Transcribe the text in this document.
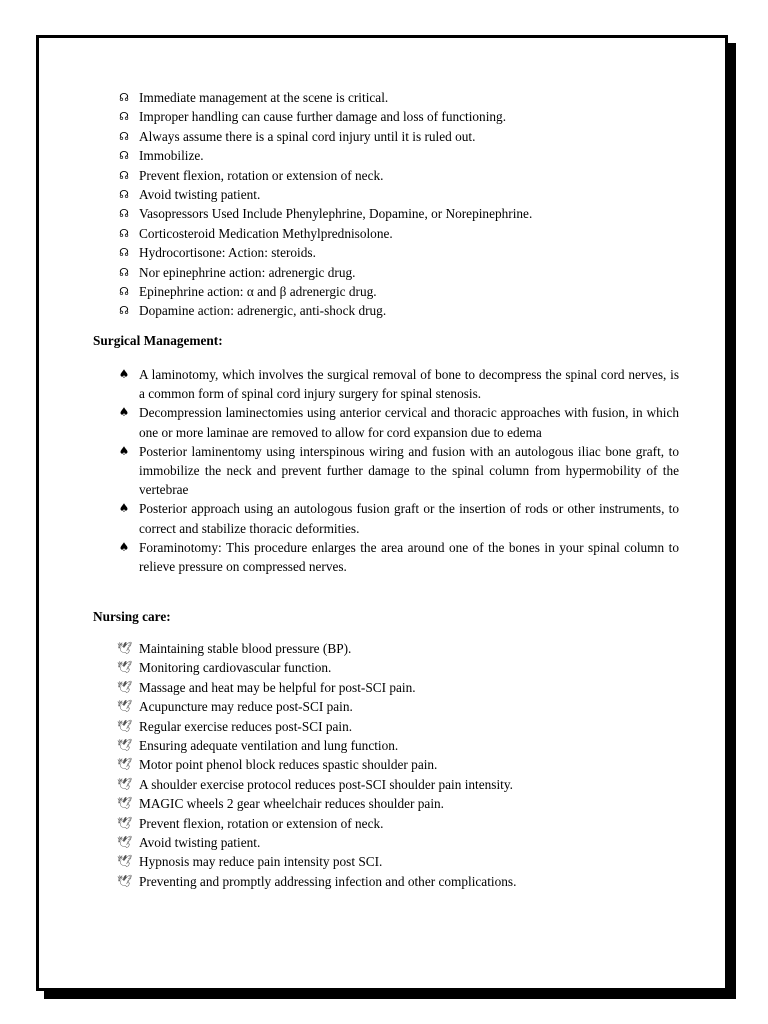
☊ Immediate management at the scene is critical.
☊ Improper handling can cause further damage and loss of functioning.
☊ Always assume there is a spinal cord injury until it is ruled out.
☊ Immobilize.
☊ Prevent flexion, rotation or extension of neck.
☊ Avoid twisting patient.
☊ Vasopressors Used Include Phenylephrine, Dopamine, or Norepinephrine.
☊ Corticosteroid Medication Methylprednisolone.
☊ Hydrocortisone: Action: steroids.
☊ Nor epinephrine action: adrenergic drug.
☊ Epinephrine action: α and β adrenergic drug.
☊ Dopamine action: adrenergic, anti-shock drug.
Surgical Management:
♠ A laminotomy, which involves the surgical removal of bone to decompress the spinal cord nerves, is a common form of spinal cord injury surgery for spinal stenosis.
♠ Decompression laminectomies using anterior cervical and thoracic approaches with fusion, in which one or more laminae are removed to allow for cord expansion due to edema
♠ Posterior laminentomy using interspinous wiring and fusion with an autologous iliac bone graft, to immobilize the neck and prevent further damage to the spinal column from hypermobility of the vertebrae
♠ Posterior approach using an autologous fusion graft or the insertion of rods or other instruments, to correct and stabilize thoracic deformities.
♠ Foraminotomy: This procedure enlarges the area around one of the bones in your spinal column to relieve pressure on compressed nerves.
Nursing care:
🕊 Maintaining stable blood pressure (BP).
🕊 Monitoring cardiovascular function.
🕊 Massage and heat may be helpful for post-SCI pain.
🕊 Acupuncture may reduce post-SCI pain.
🕊 Regular exercise reduces post-SCI pain.
🕊 Ensuring adequate ventilation and lung function.
🕊 Motor point phenol block reduces spastic shoulder pain.
🕊 A shoulder exercise protocol reduces post-SCI shoulder pain intensity.
🕊 MAGIC wheels 2 gear wheelchair reduces shoulder pain.
🕊 Prevent flexion, rotation or extension of neck.
🕊 Avoid twisting patient.
🕊 Hypnosis may reduce pain intensity post SCI.
🕊 Preventing and promptly addressing infection and other complications.
